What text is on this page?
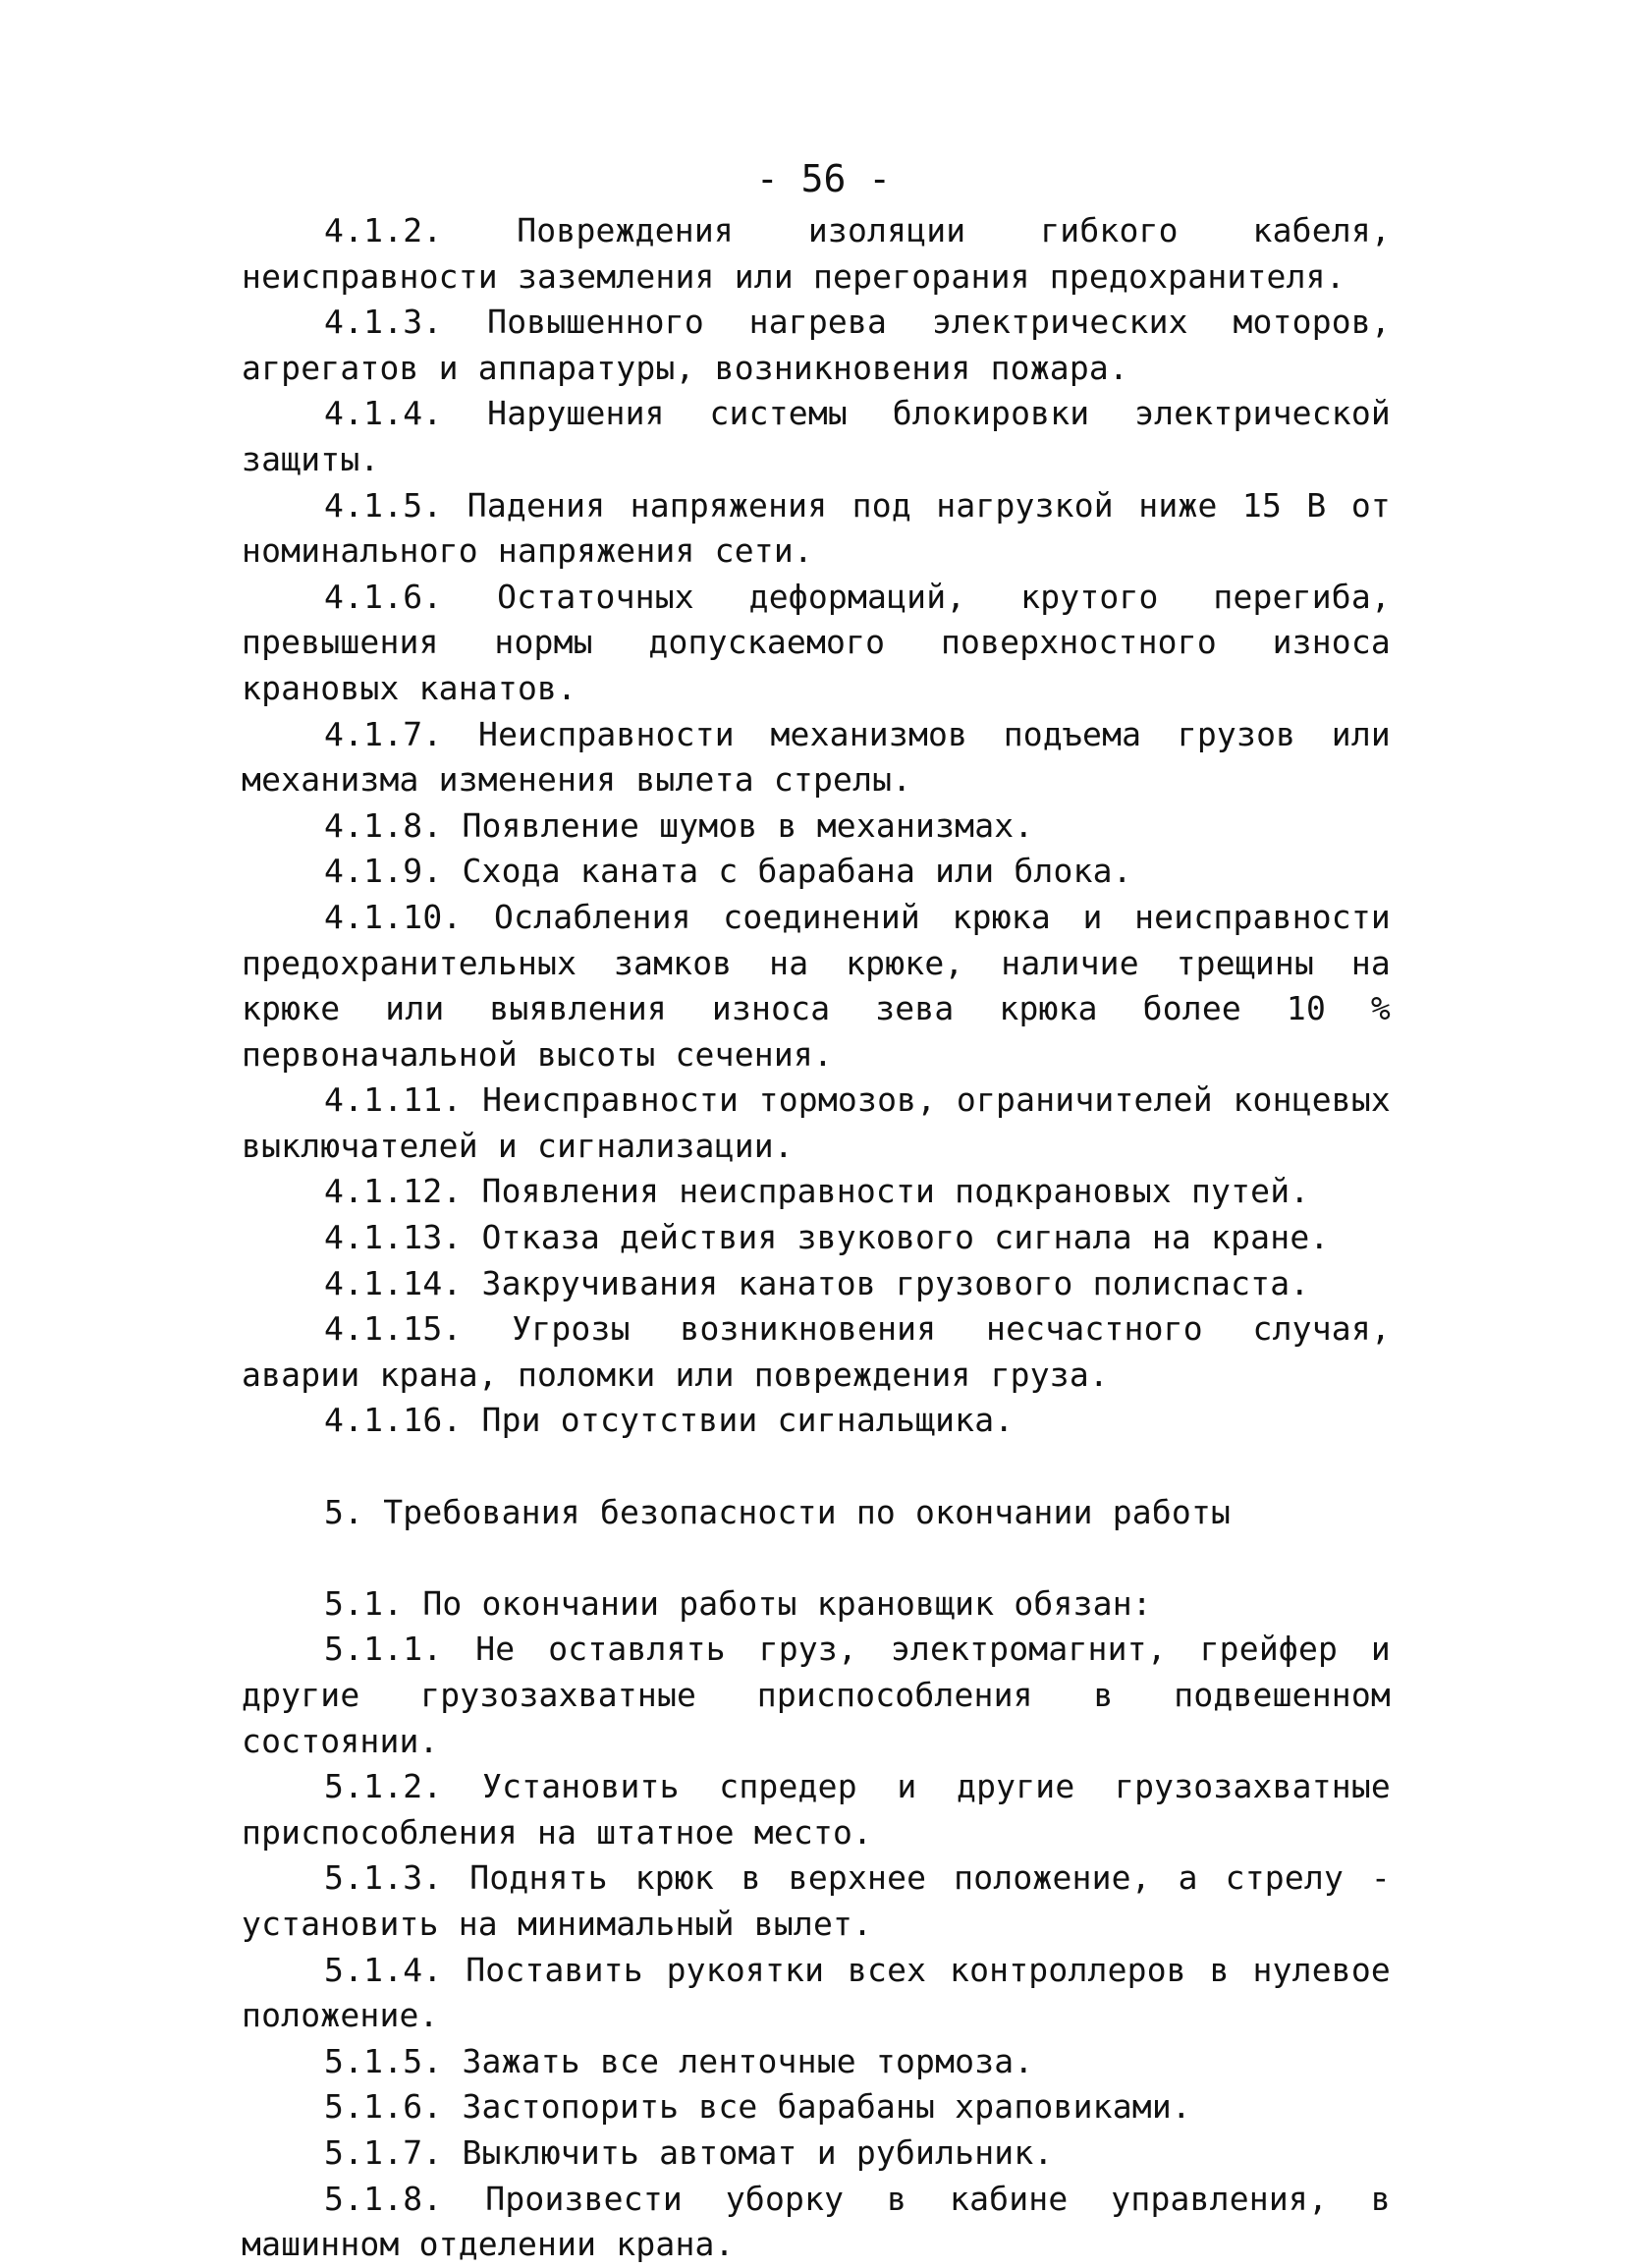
- 56 -

4.1.2. Повреждения изоляции гибкого кабеля, неисправности заземления или перегорания предохранителя.

4.1.3. Повышенного нагрева электрических моторов, агрегатов и аппаратуры, возникновения пожара.

4.1.4. Нарушения системы блокировки электрической защиты.

4.1.5. Падения напряжения под нагрузкой ниже 15 В от номинального напряжения сети.

4.1.6. Остаточных деформаций, крутого перегиба, превышения нормы допускаемого поверхностного износа крановых канатов.

4.1.7. Неисправности механизмов подъема грузов или механизма изменения вылета стрелы.

4.1.8. Появление шумов в механизмах.

4.1.9. Схода каната с барабана или блока.

4.1.10. Ослабления соединений крюка и неисправности предохранительных замков на крюке, наличие трещины на крюке или выявления износа зева крюка более 10 % первоначальной высоты сечения.

4.1.11. Неисправности тормозов, ограничителей концевых выключателей и сигнализации.

4.1.12. Появления неисправности подкрановых путей.

4.1.13. Отказа действия звукового сигнала на кране.

4.1.14. Закручивания канатов грузового полиспаста.

4.1.15. Угрозы возникновения несчастного случая, аварии крана, поломки или повреждения груза.

4.1.16. При отсутствии сигнальщика.

5. Требования безопасности по окончании работы

5.1. По окончании работы крановщик обязан:

5.1.1. Не оставлять груз, электромагнит, грейфер и другие грузозахватные приспособления в подвешенном состоянии.

5.1.2. Установить спредер и другие грузозахватные приспособления на штатное место.

5.1.3. Поднять крюк в верхнее положение, а стрелу - установить на минимальный вылет.

5.1.4. Поставить рукоятки всех контроллеров в нулевое положение.

5.1.5. Зажать все ленточные тормоза.

5.1.6. Застопорить все барабаны храповиками.

5.1.7. Выключить автомат и рубильник.

5.1.8. Произвести уборку в кабине управления, в машинном отделении крана.
